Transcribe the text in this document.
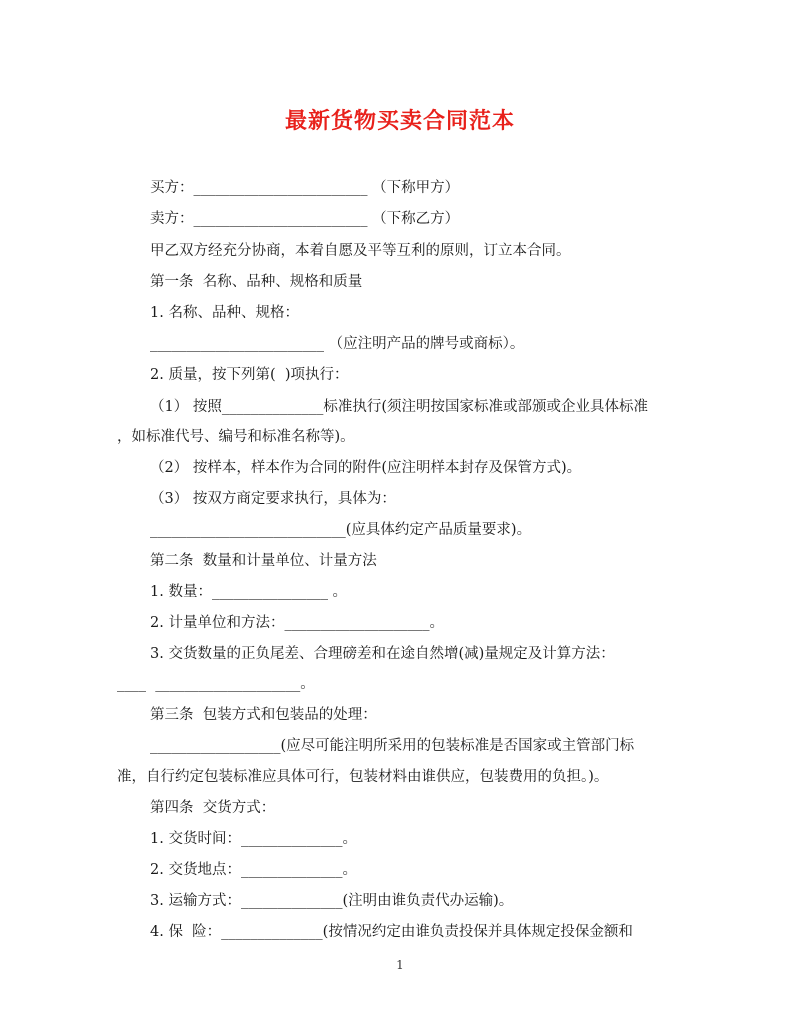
最新货物买卖合同范本

买方：________________________ （下称甲方）

卖方：________________________ （下称乙方）

甲乙双方经充分协商，本着自愿及平等互利的原则，订立本合同。

第一条  名称、品种、规格和质量

1. 名称、品种、规格：

________________________ （应注明产品的牌号或商标）。

2. 质量，按下列第(  )项执行：

（1） 按照______________标准执行(须注明按国家标准或部颁或企业具体标准

，如标准代号、编号和标准名称等)。

（2） 按样本，样本作为合同的附件(应注明样本封存及保管方式)。

（3） 按双方商定要求执行，具体为：

___________________________(应具体约定产品质量要求)。

第二条  数量和计量单位、计量方法

1. 数量：________________ 。

2. 计量单位和方法：____________________。

3. 交货数量的正负尾差、合理磅差和在途自然增(减)量规定及计算方法：

____  ____________________。

第三条  包装方式和包装品的处理：

__________________(应尽可能注明所采用的包装标准是否国家或主管部门标

准，自行约定包装标准应具体可行，包装材料由谁供应，包装费用的负担。)。

第四条  交货方式：

1. 交货时间：______________。

2. 交货地点：______________。

3. 运输方式：______________(注明由谁负责代办运输)。

4. 保  险：______________(按情况约定由谁负责投保并具体规定投保金额和

1
